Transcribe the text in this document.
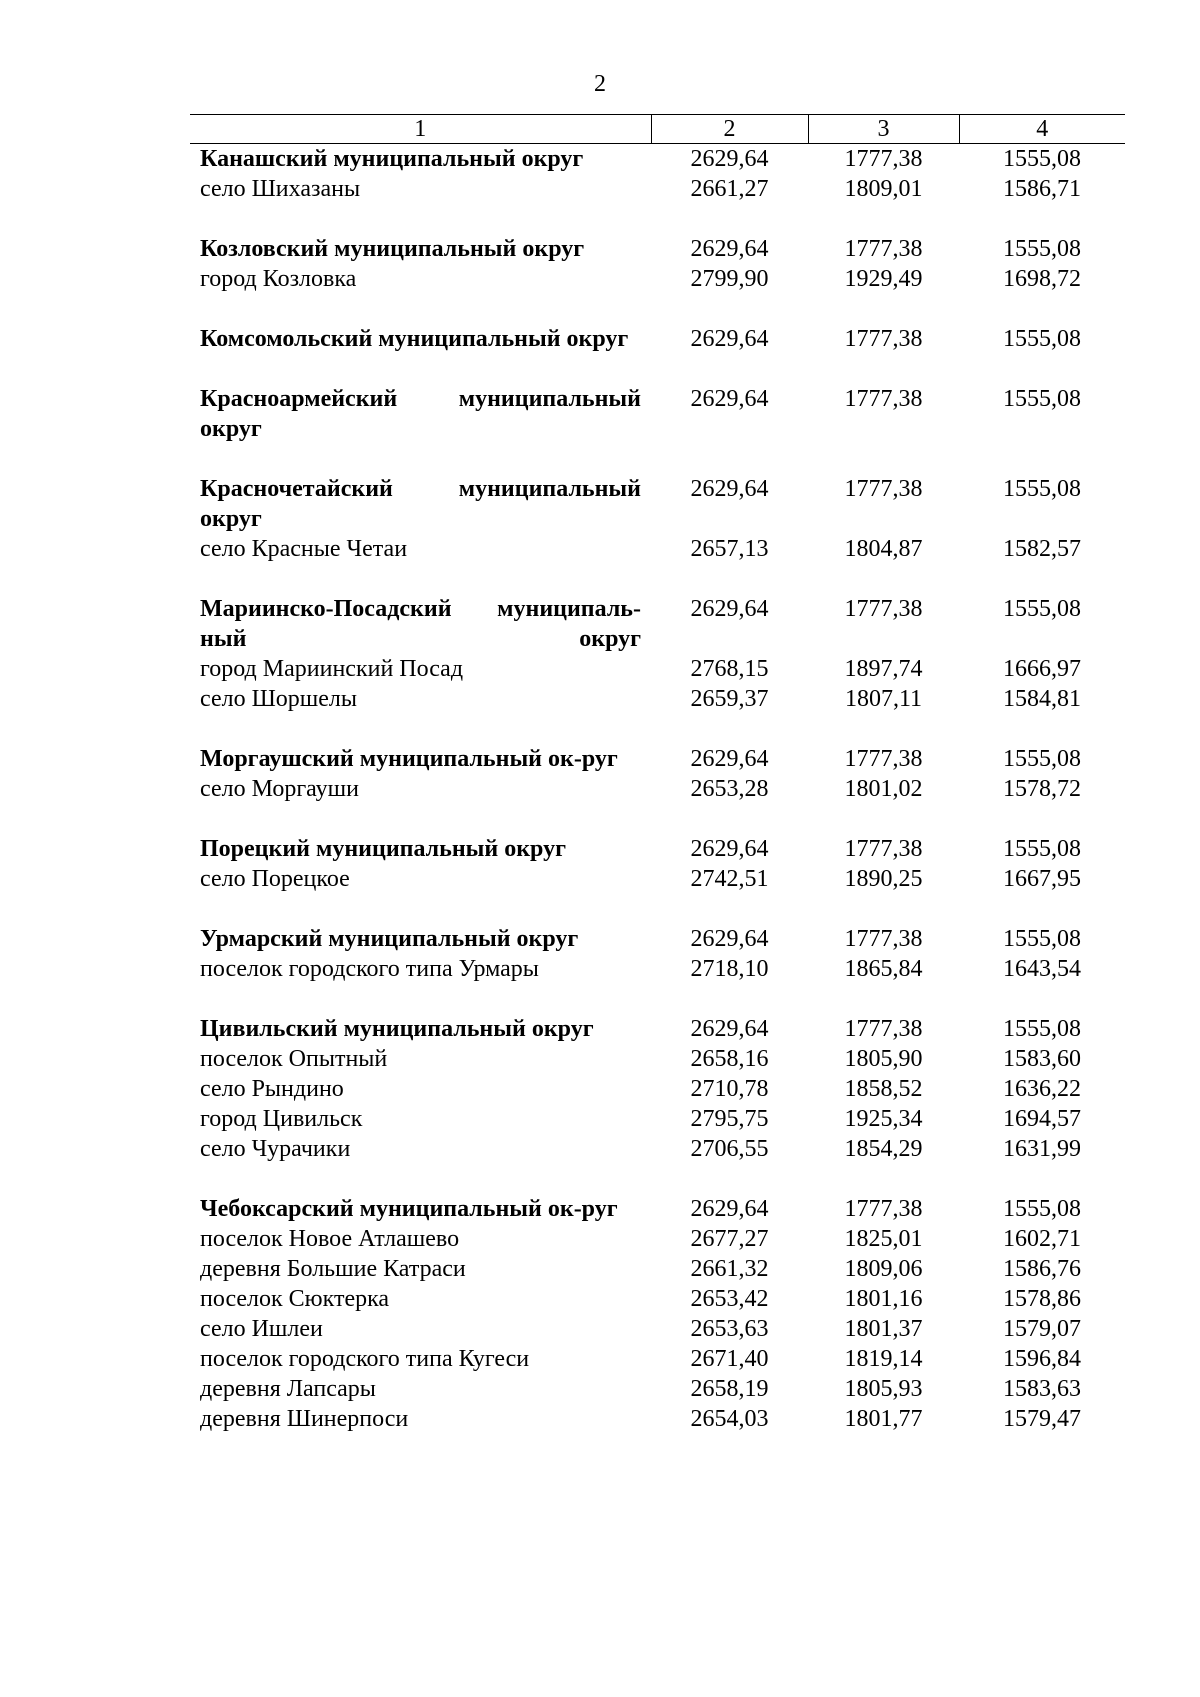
2
1	2	3	4
Канашский муниципальный округ	2629,64	1777,38	1555,08
село Шихазаны	2661,27	1809,01	1586,71

Козловский муниципальный округ	2629,64	1777,38	1555,08
город Козловка	2799,90	1929,49	1698,72

Комсомольский муниципальный округ	2629,64	1777,38	1555,08

Красноармейский муниципальный округ	2629,64	1777,38	1555,08

Красночетайский муниципальный округ	2629,64	1777,38	1555,08
село Красные Четаи	2657,13	1804,87	1582,57

Мариинско-Посадский муниципаль-ный округ	2629,64	1777,38	1555,08
город Мариинский Посад	2768,15	1897,74	1666,97
село Шоршелы	2659,37	1807,11	1584,81

Моргаушский муниципальный ок-руг	2629,64	1777,38	1555,08
село Моргауши	2653,28	1801,02	1578,72

Порецкий муниципальный округ	2629,64	1777,38	1555,08
село Порецкое	2742,51	1890,25	1667,95

Урмарский муниципальный округ	2629,64	1777,38	1555,08
поселок городского типа Урмары	2718,10	1865,84	1643,54

Цивильский муниципальный округ	2629,64	1777,38	1555,08
поселок Опытный	2658,16	1805,90	1583,60
село Рындино	2710,78	1858,52	1636,22
город Цивильск	2795,75	1925,34	1694,57
село Чурачики	2706,55	1854,29	1631,99

Чебоксарский муниципальный ок-руг	2629,64	1777,38	1555,08
поселок Новое Атлашево	2677,27	1825,01	1602,71
деревня Большие Катраси	2661,32	1809,06	1586,76
поселок Сюктерка	2653,42	1801,16	1578,86
село Ишлеи	2653,63	1801,37	1579,07
поселок городского типа Кугеси	2671,40	1819,14	1596,84
деревня Лапсары	2658,19	1805,93	1583,63
деревня Шинерпоси	2654,03	1801,77	1579,47
